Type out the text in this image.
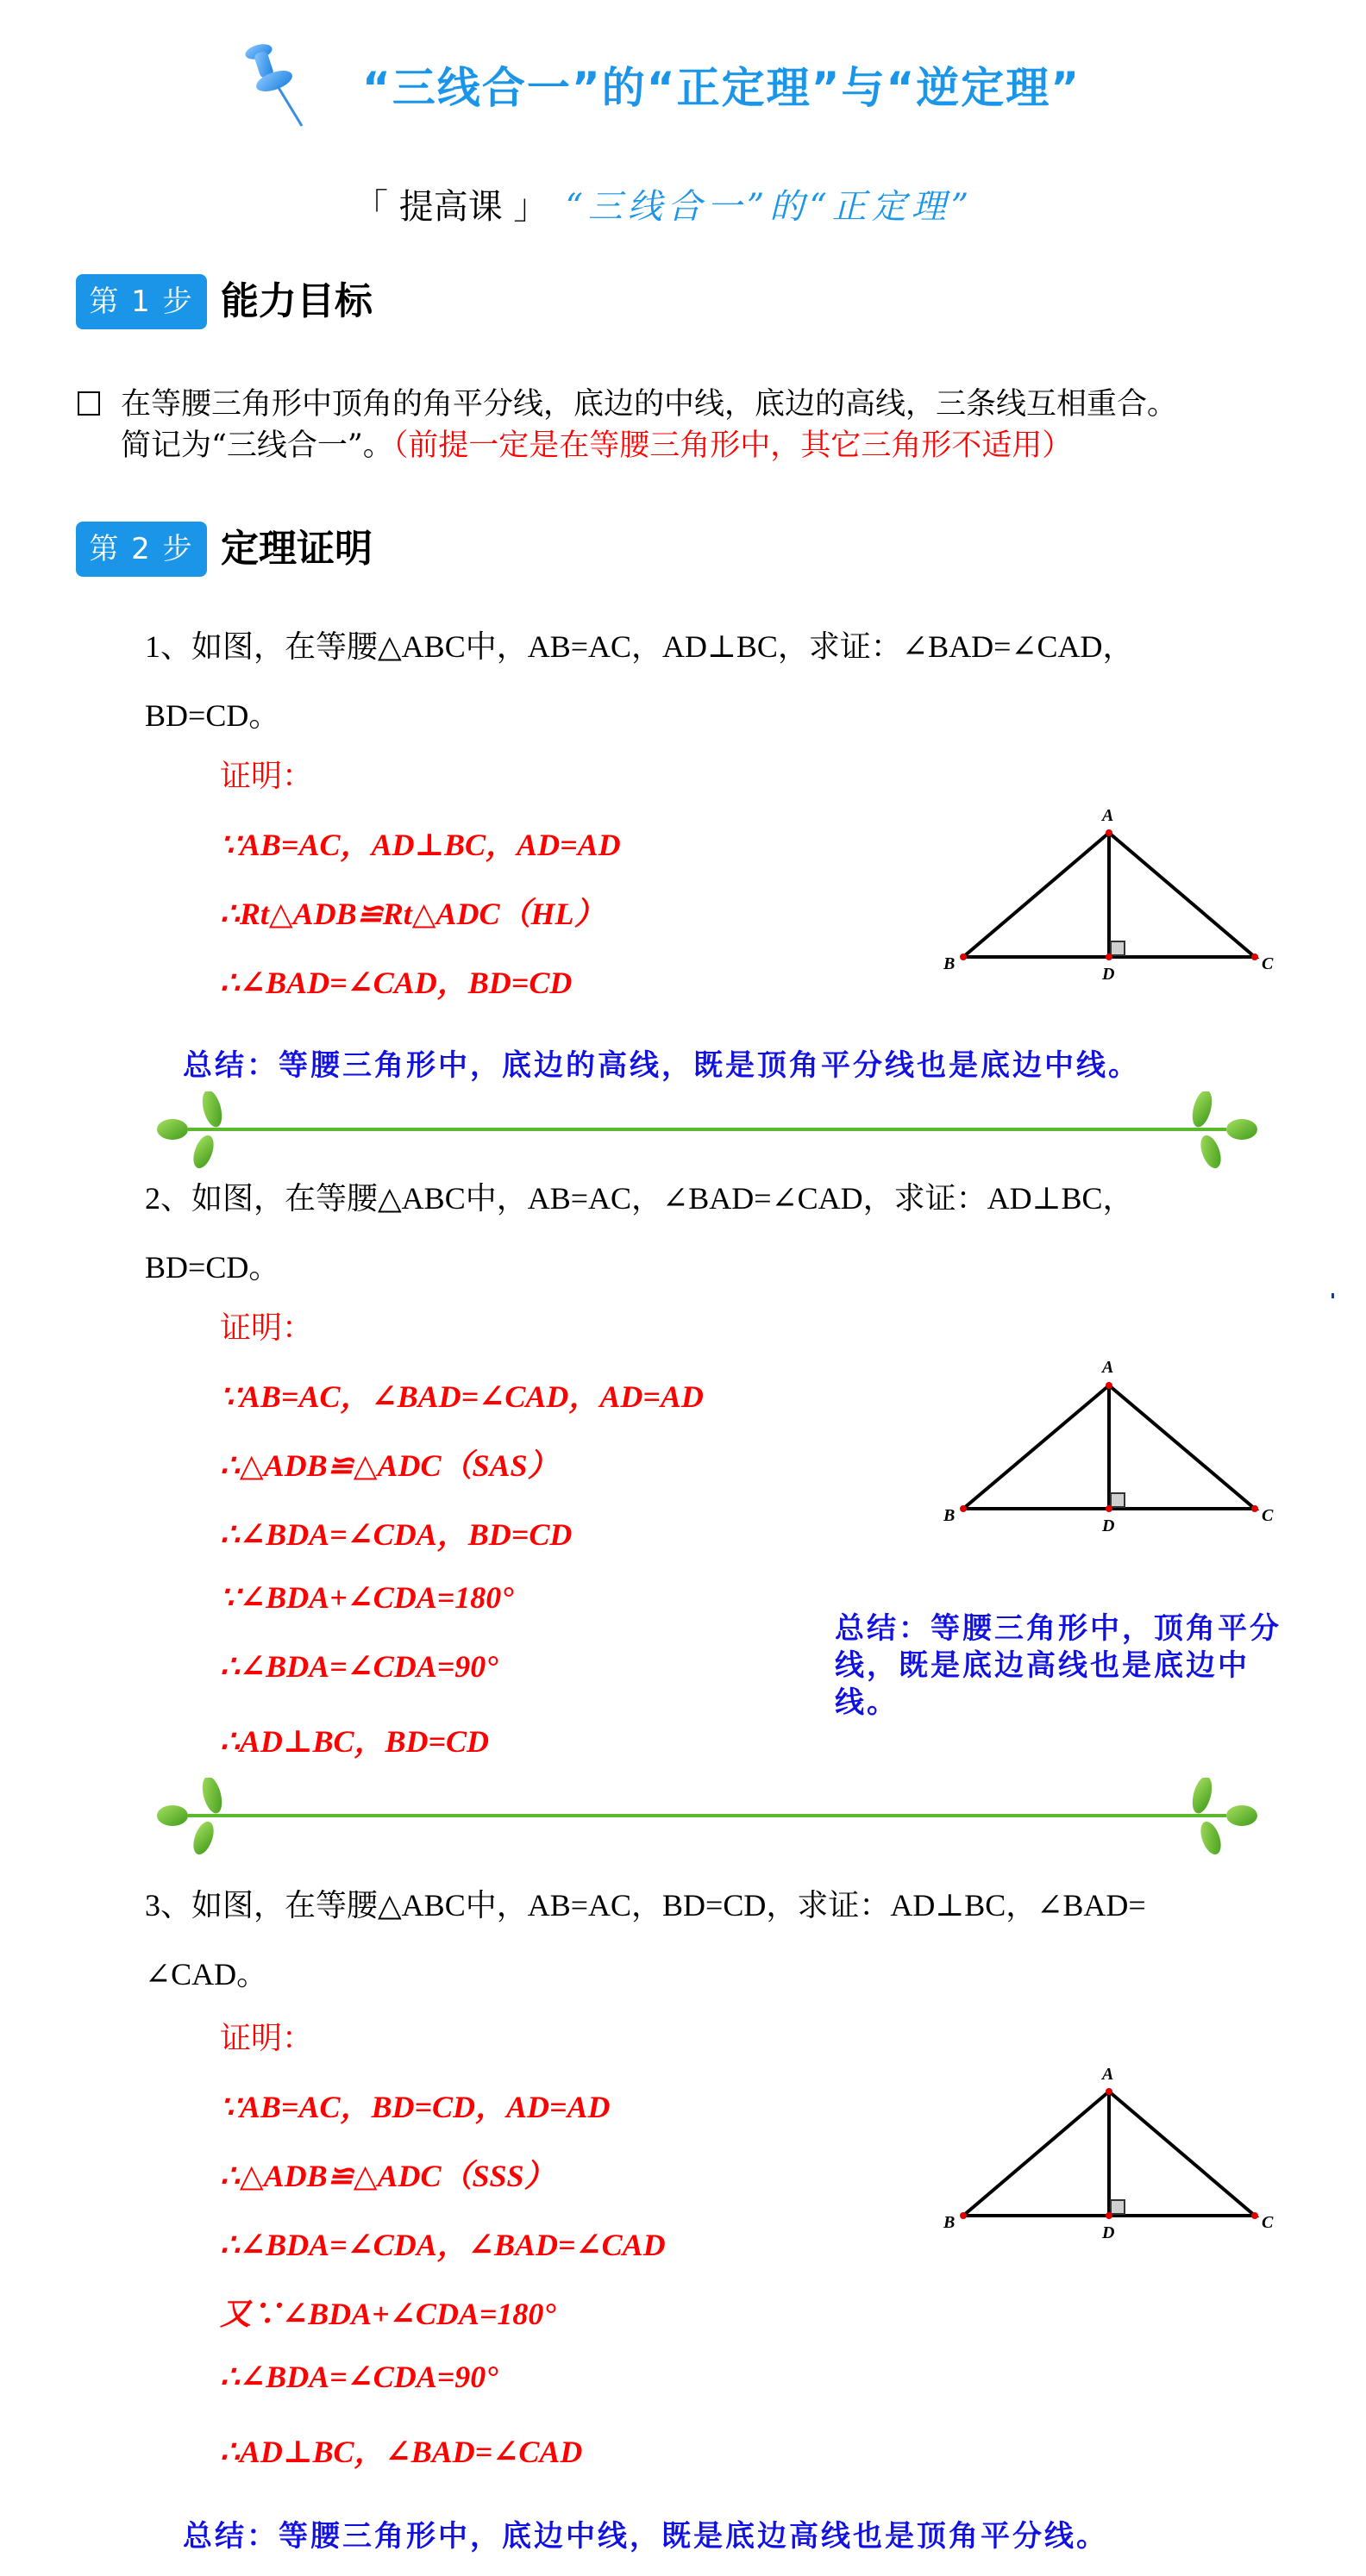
“三线合一”的“正定理”与“逆定理”
「 提高课 」 “三线合一”的“正定理”
第 1 步 能力目标
在等腰三角形中顶角的角平分线，底边的中线，底边的高线，三条线互相重合。
简记为“三线合一”。（前提一定是在等腰三角形中，其它三角形不适用）
第 2 步 定理证明
1、如图，在等腰△ABC中，AB=AC，AD⊥BC，求证：∠BAD=∠CAD，
BD=CD。
证明：
∵AB=AC，AD⊥BC，AD=AD
∴Rt△ADB≌Rt△ADC（HL）
∴∠BAD=∠CAD，BD=CD
A
B	C
D
总结：等腰三角形中，底边的高线，既是顶角平分线也是底边中线。
2、如图，在等腰△ABC中，AB=AC，∠BAD=∠CAD，求证：AD⊥BC，
BD=CD。
证明：
∵AB=AC，∠BAD=∠CAD，AD=AD
∴△ADB≌△ADC（SAS）
∴∠BDA=∠CDA，BD=CD
∵∠BDA+∠CDA=180°
∴∠BDA=∠CDA=90°
∴AD⊥BC，BD=CD
A
B	C
D
总结：等腰三角形中，顶角平分线，既是底边高线也是底边中线。
3、如图，在等腰△ABC中，AB=AC，BD=CD，求证：AD⊥BC，∠BAD=
∠CAD。
证明：
∵AB=AC，BD=CD，AD=AD
∴△ADB≌△ADC（SSS）
∴∠BDA=∠CDA，∠BAD=∠CAD
又∵∠BDA+∠CDA=180°
∴∠BDA=∠CDA=90°
∴AD⊥BC，∠BAD=∠CAD
A
B	C
D
总结：等腰三角形中，底边中线，既是底边高线也是顶角平分线。
